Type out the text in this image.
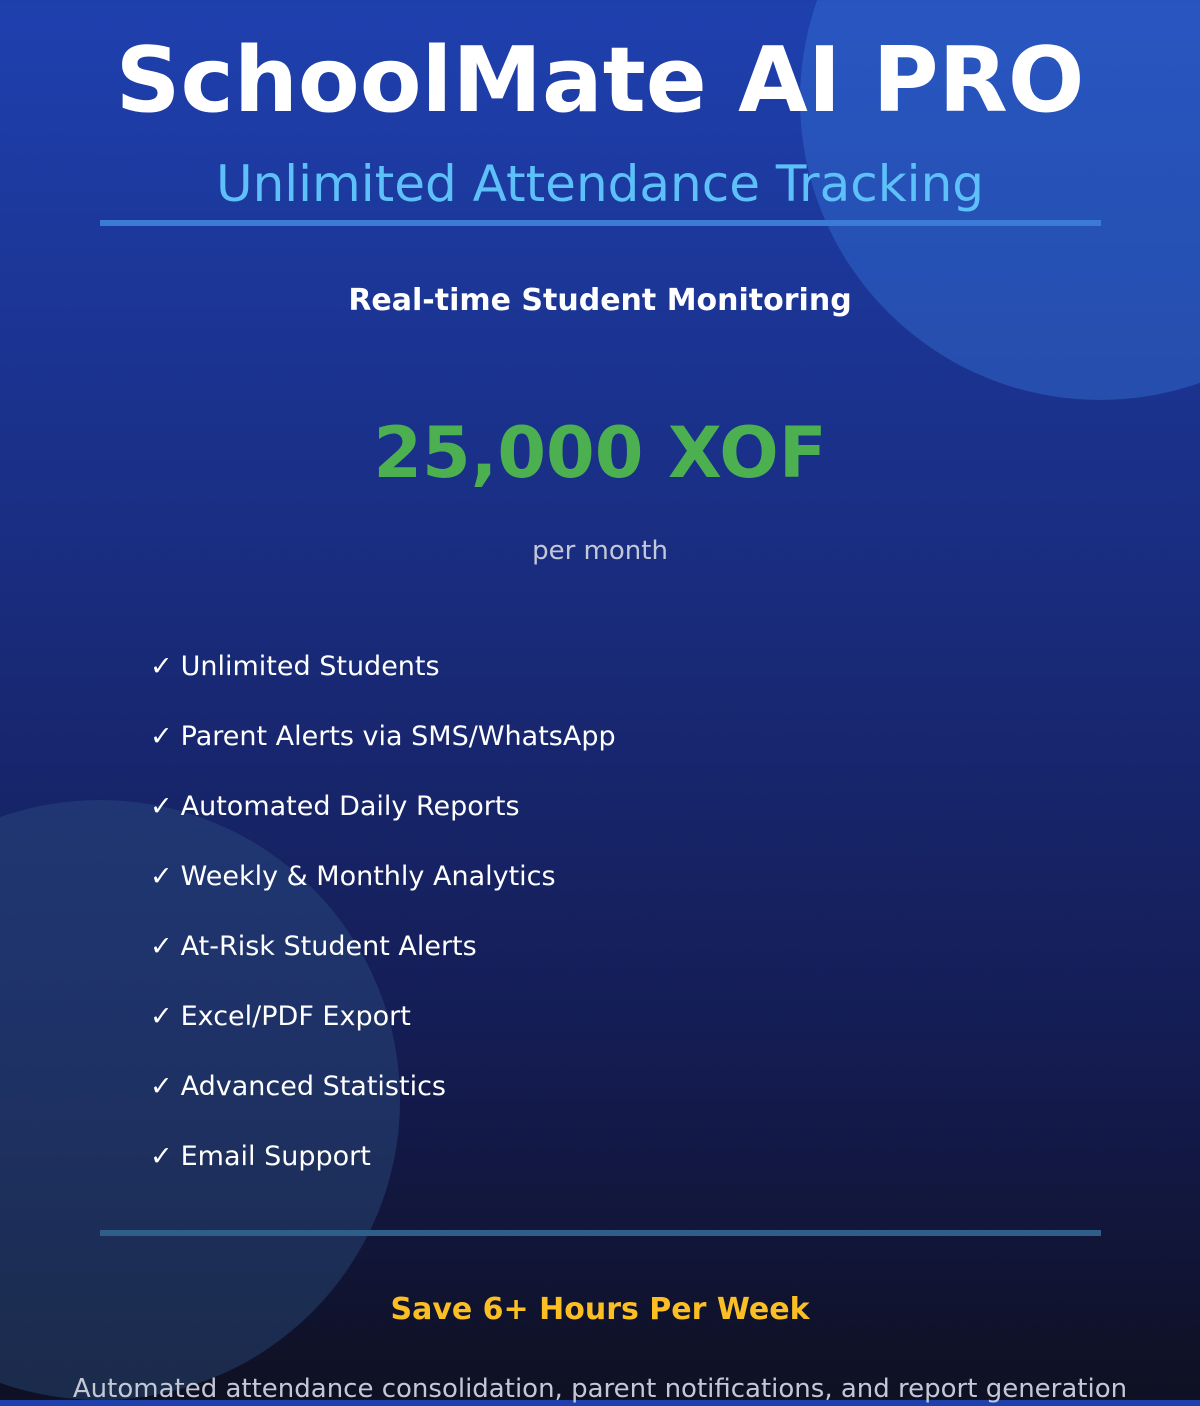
SchoolMate AI PRO
Unlimited Attendance Tracking
Real-time Student Monitoring
25,000 XOF
per month
✓ Unlimited Students
✓ Parent Alerts via SMS/WhatsApp
✓ Automated Daily Reports
✓ Weekly & Monthly Analytics
✓ At-Risk Student Alerts
✓ Excel/PDF Export
✓ Advanced Statistics
✓ Email Support
Save 6+ Hours Per Week
Automated attendance consolidation, parent notifications, and report generation
